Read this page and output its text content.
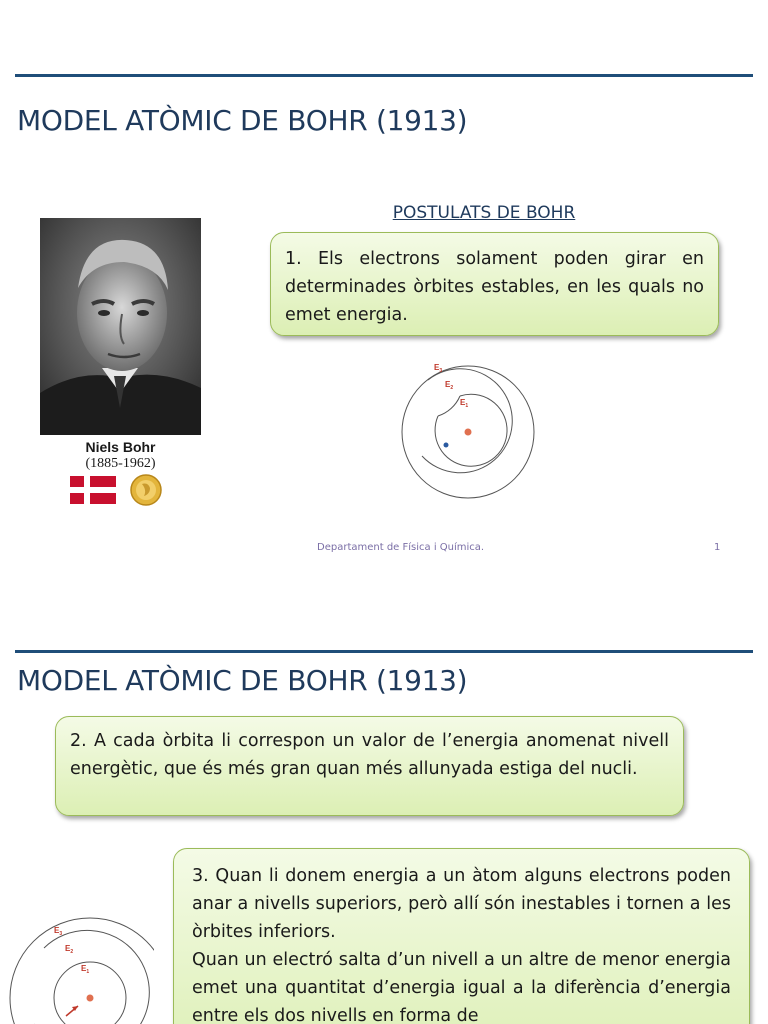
MODEL ATÒMIC DE BOHR (1913)
Niels Bohr
(1885-1962)
POSTULATS DE BOHR
1. Els electrons solament poden girar en determinades òrbites estables, en les quals no emet energia.
$E_3$
$E_2$
$E_1$
Departament de Física i Química.	1
MODEL ATÒMIC DE BOHR (1913)
2. A cada òrbita li correspon un valor de l’energia anomenat nivell energètic, que és més gran quan més allunyada estiga del nucli.
$E_3$
$E_2$
$E_1$
3. Quan li donem energia a un àtom alguns electrons poden anar a nivells superiors, però allí són inestables i tornen a les òrbites inferiors.
Quan un electró salta d’un nivell a un altre de menor energia emet una quantitat d’energia igual a la diferència d’energia entre els dos nivells en forma de
